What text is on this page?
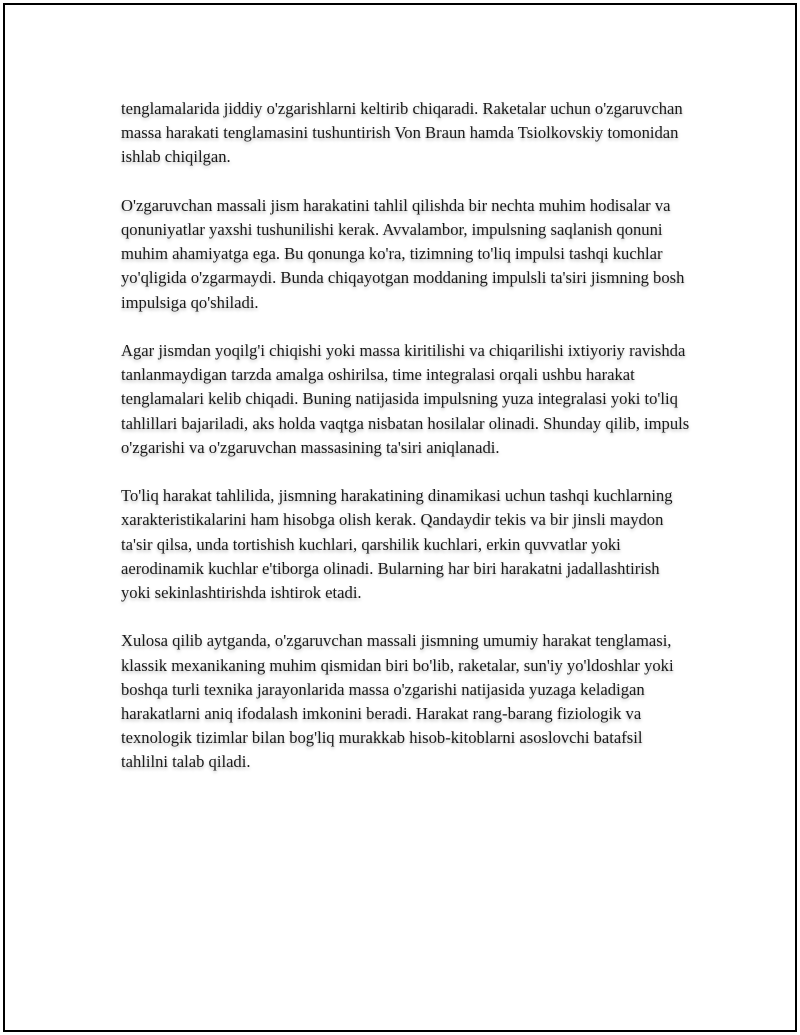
tenglamalarida jiddiy o'zgarishlarni keltirib chiqaradi. Raketalar uchun o'zgaruvchan massa harakati tenglamasini tushuntirish Von Braun hamda Tsiolkovskiy tomonidan ishlab chiqilgan.

O'zgaruvchan massali jism harakatini tahlil qilishda bir nechta muhim hodisalar va qonuniyatlar yaxshi tushunilishi kerak. Avvalambor, impulsning saqlanish qonuni muhim ahamiyatga ega. Bu qonunga ko'ra, tizimning to'liq impulsi tashqi kuchlar yo'qligida o'zgarmaydi. Bunda chiqayotgan moddaning impulsli ta'siri jismning bosh impulsiga qo'shiladi.

Agar jismdan yoqilg'i chiqishi yoki massa kiritilishi va chiqarilishi ixtiyoriy ravishda tanlanmaydigan tarzda amalga oshirilsa, time integralasi orqali ushbu harakat tenglamalari kelib chiqadi. Buning natijasida impulsning yuza integralasi yoki to'liq tahlillari bajariladi, aks holda vaqtga nisbatan hosilalar olinadi. Shunday qilib, impuls o'zgarishi va o'zgaruvchan massasining ta'siri aniqlanadi.

To'liq harakat tahlilida, jismning harakatining dinamikasi uchun tashqi kuchlarning xarakteristikalarini ham hisobga olish kerak. Qandaydir tekis va bir jinsli maydon ta'sir qilsa, unda tortishish kuchlari, qarshilik kuchlari, erkin quvvatlar yoki aerodinamik kuchlar e'tiborga olinadi. Bularning har biri harakatni jadallashtirish yoki sekinlashtirishda ishtirok etadi.

Xulosa qilib aytganda, o'zgaruvchan massali jismning umumiy harakat tenglamasi, klassik mexanikaning muhim qismidan biri bo'lib, raketalar, sun'iy yo'ldoshlar yoki boshqa turli texnika jarayonlarida massa o'zgarishi natijasida yuzaga keladigan harakatlarni aniq ifodalash imkonini beradi. Harakat rang-barang fiziologik va texnologik tizimlar bilan bog'liq murakkab hisob-kitoblarni asoslovchi batafsil tahlilni talab qiladi.
